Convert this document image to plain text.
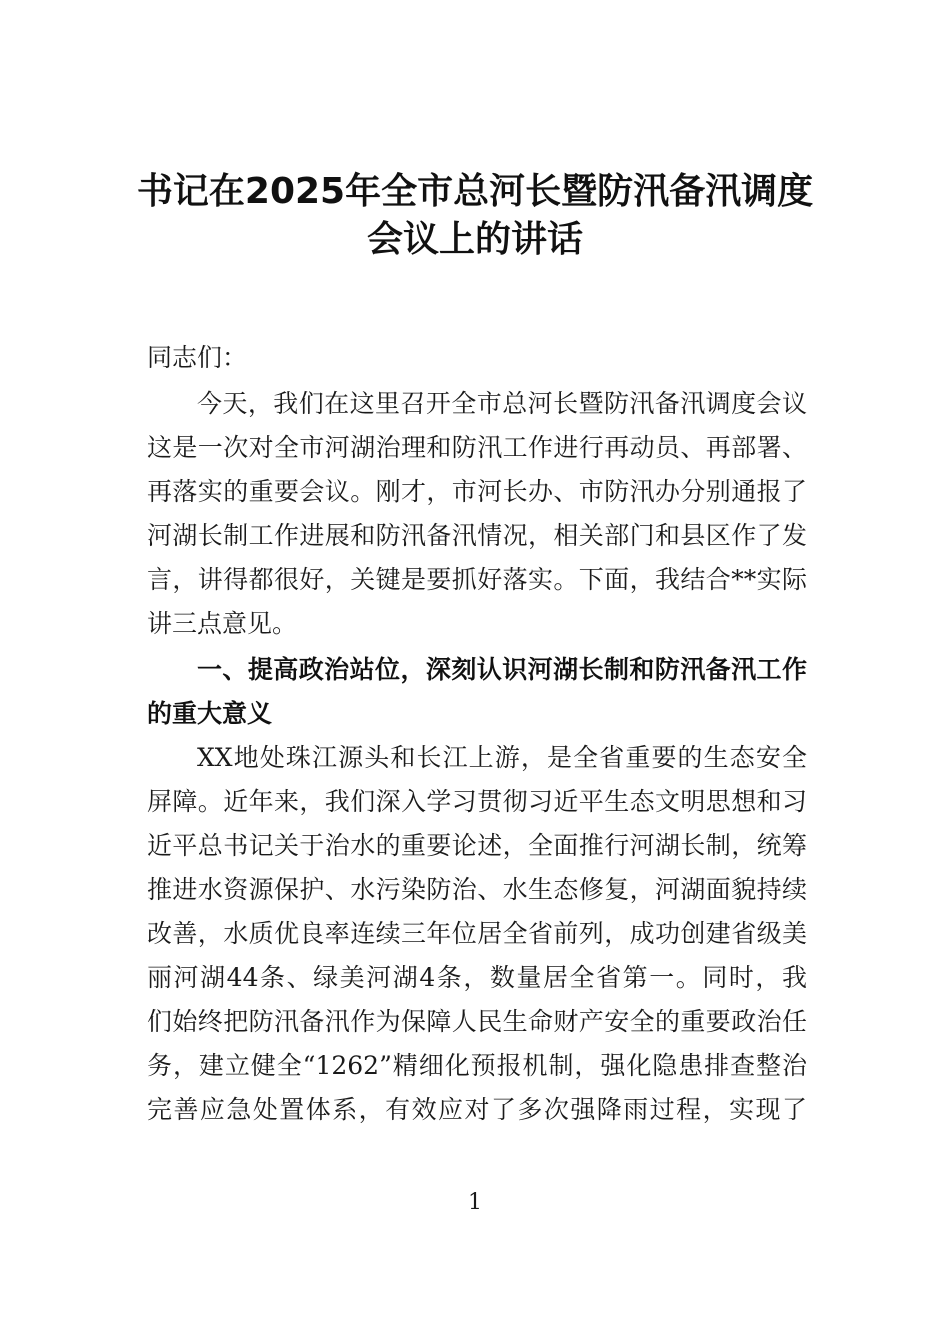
书记在2025年全市总河长暨防汛备汛调度
会议上的讲话
同志们：
今天，我们在这里召开全市总河长暨防汛备汛调度会议
这是一次对全市河湖治理和防汛工作进行再动员、再部署、
再落实的重要会议。刚才，市河长办、市防汛办分别通报了
河湖长制工作进展和防汛备汛情况，相关部门和县区作了发
言，讲得都很好，关键是要抓好落实。下面，我结合**实际
讲三点意见。
一、提高政治站位，深刻认识河湖长制和防汛备汛工作
的重大意义
XX地处珠江源头和长江上游，是全省重要的生态安全
屏障。近年来，我们深入学习贯彻习近平生态文明思想和习
近平总书记关于治水的重要论述，全面推行河湖长制，统筹
推进水资源保护、水污染防治、水生态修复，河湖面貌持续
改善，水质优良率连续三年位居全省前列，成功创建省级美
丽河湖44条、绿美河湖4条，数量居全省第一。同时，我
们始终把防汛备汛作为保障人民生命财产安全的重要政治任
务，建立健全“1262”精细化预报机制，强化隐患排查整治
完善应急处置体系，有效应对了多次强降雨过程，实现了
1
